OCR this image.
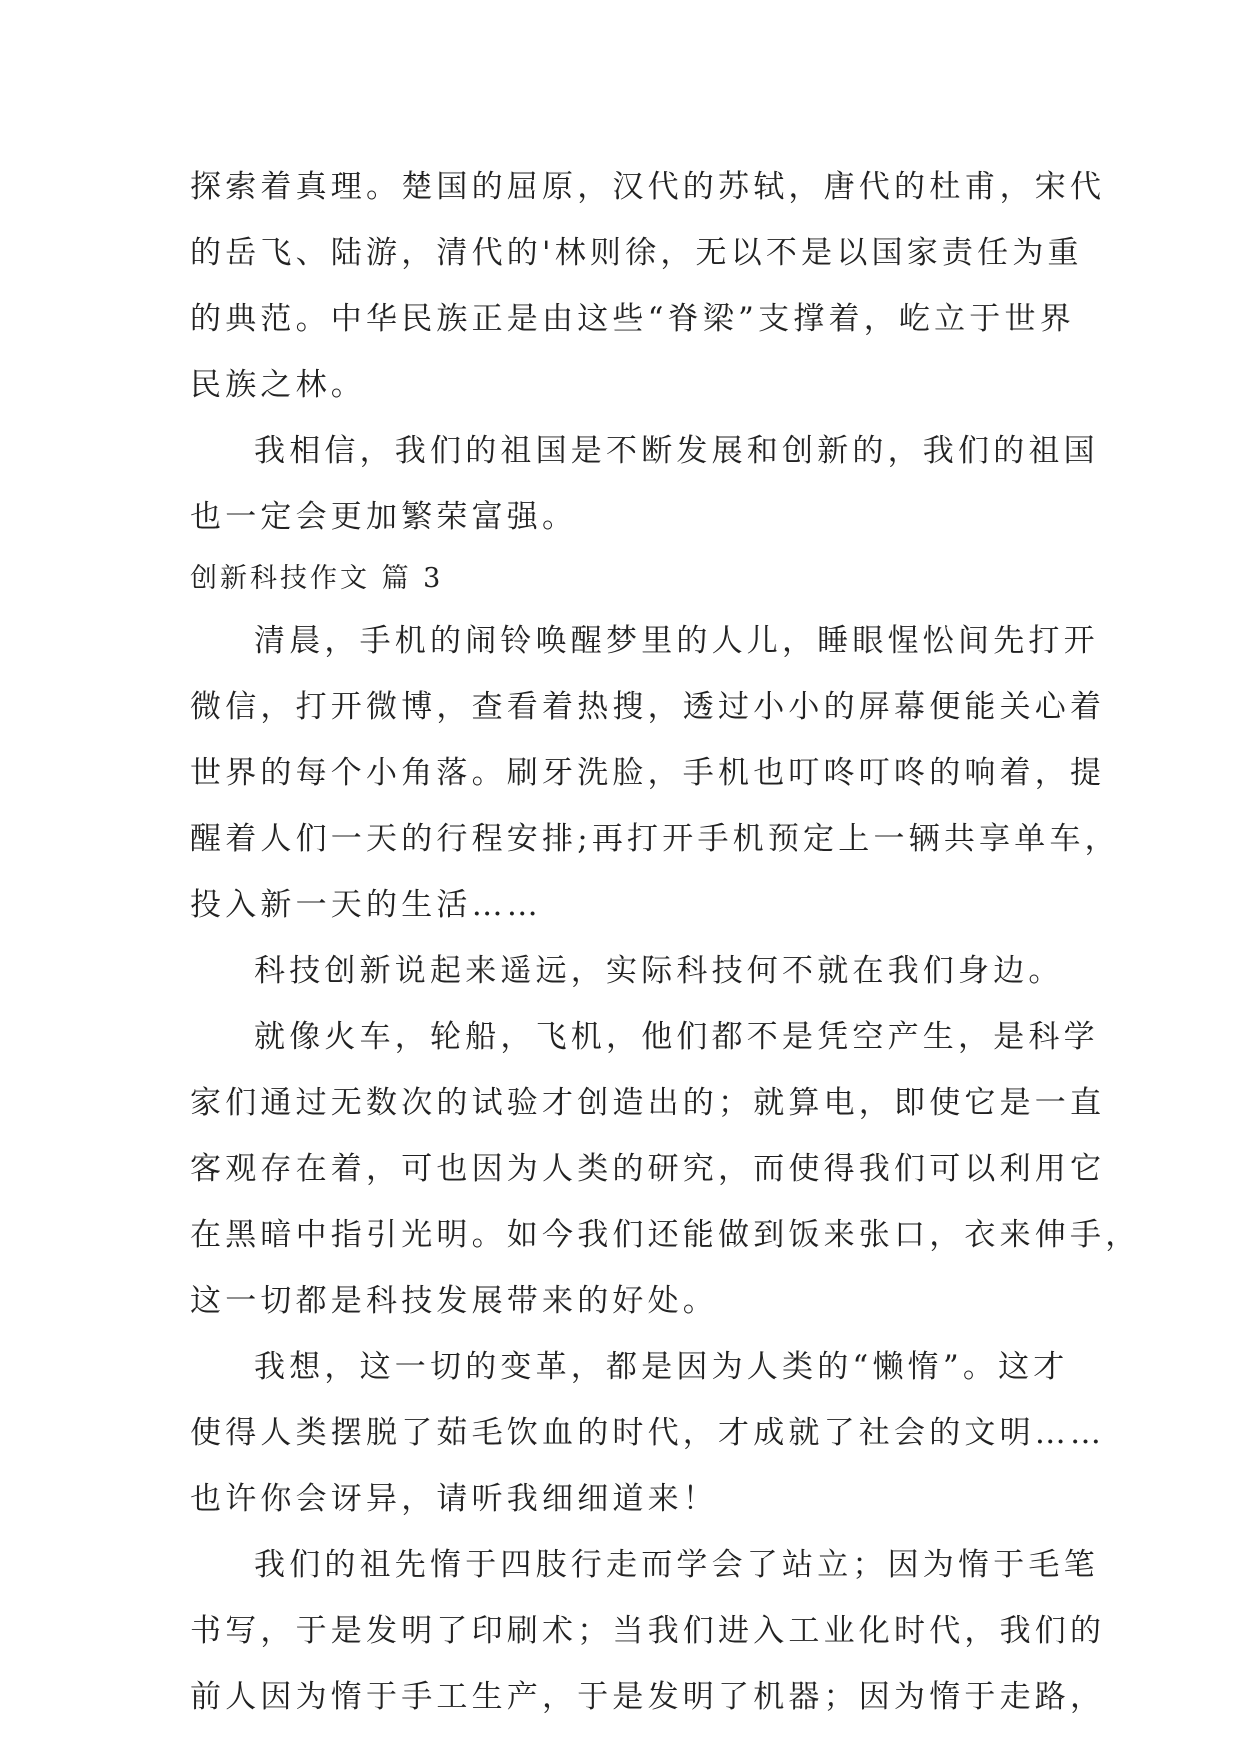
探索着真理。楚国的屈原，汉代的苏轼，唐代的杜甫，宋代
的岳飞、陆游，清代的'林则徐，无以不是以国家责任为重
的典范。中华民族正是由这些“脊梁”支撑着，屹立于世界
民族之林。
我相信，我们的祖国是不断发展和创新的，我们的祖国
也一定会更加繁荣富强。
创新科技作文 篇 3
清晨，手机的闹铃唤醒梦里的人儿，睡眼惺忪间先打开
微信，打开微博，查看着热搜，透过小小的屏幕便能关心着
世界的每个小角落。刷牙洗脸，手机也叮咚叮咚的响着，提
醒着人们一天的行程安排;再打开手机预定上一辆共享单车，
投入新一天的生活……
科技创新说起来遥远，实际科技何不就在我们身边。
就像火车，轮船，飞机，他们都不是凭空产生，是科学
家们通过无数次的试验才创造出的；就算电，即使它是一直
客观存在着，可也因为人类的研究，而使得我们可以利用它
在黑暗中指引光明。如今我们还能做到饭来张口，衣来伸手，
这一切都是科技发展带来的好处。
我想，这一切的变革，都是因为人类的“懒惰”。这才
使得人类摆脱了茹毛饮血的时代，才成就了社会的文明……
也许你会讶异，请听我细细道来！
我们的祖先惰于四肢行走而学会了站立；因为惰于毛笔
书写，于是发明了印刷术；当我们进入工业化时代，我们的
前人因为惰于手工生产，于是发明了机器；因为惰于走路，
